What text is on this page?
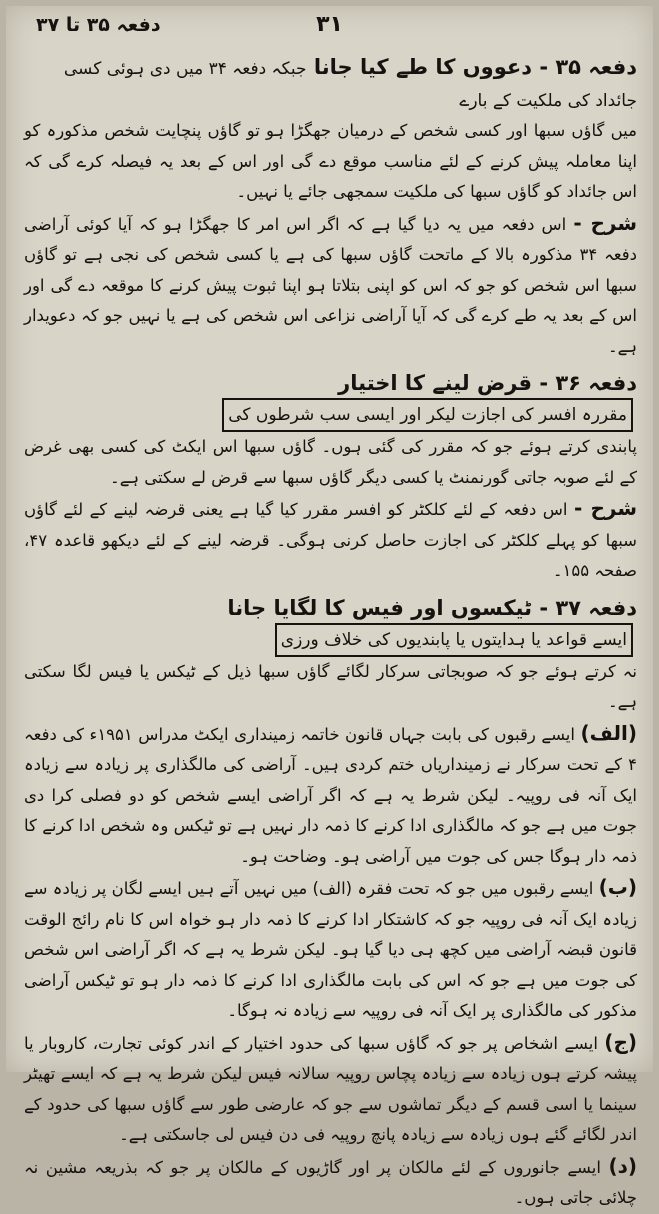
۳۱
دفعہ ۳۵ تا ۳۷
دفعہ ۳۵ - دعووں کا طے کیا جانا جبکہ دفعہ ۳۴ میں دی ہوئی کسی جائداد کی ملکیت کے بارے

میں گاؤں سبھا اور کسی شخص کے درمیان جھگڑا ہو تو گاؤں پنچایت شخص مذکورہ کو اپنا معاملہ پیش کرنے کے لئے مناسب موقع دے گی اور اس کے بعد یہ فیصلہ کرے گی کہ اس جائداد کو گاؤں سبھا کی ملکیت سمجھی جائے یا نہیں۔

شرح - اس دفعہ میں یہ دیا گیا ہے کہ اگر اس امر کا جھگڑا ہو کہ آیا کوئی آراضی دفعہ ۳۴ مذکورہ بالا کے ماتحت گاؤں سبھا کی ہے یا کسی شخص کی نجی ہے تو گاؤں سبھا اس شخص کو جو کہ اس کو اپنی بتلاتا ہو اپنا ثبوت پیش کرنے کا موقعہ دے گی اور اس کے بعد یہ طے کرے گی کہ آیا آراضی نزاعی اس شخص کی ہے یا نہیں جو کہ دعویدار ہے۔

دفعہ ۳۶ - قرض لینے کا اختیار مقررہ افسر کی اجازت لیکر اور ایسی سب شرطوں کی

پابندی کرتے ہوئے جو کہ مقرر کی گئی ہوں۔ گاؤں سبھا اس ایکٹ کی کسی بھی غرض کے لئے صوبہ جاتی گورنمنٹ یا کسی دیگر گاؤں سبھا سے قرض لے سکتی ہے۔

شرح - اس دفعہ کے لئے کلکٹر کو افسر مقرر کیا گیا ہے یعنی قرضہ لینے کے لئے گاؤں سبھا کو پہلے کلکٹر کی اجازت حاصل کرنی ہوگی۔ قرضہ لینے کے لئے دیکھو قاعدہ ۴۷، صفحہ ۱۵۵۔

دفعہ ۳۷ - ٹیکسوں اور فیس کا لگایا جانا ایسے قواعد یا ہدایتوں یا پابندیوں کی خلاف ورزی

نہ کرتے ہوئے جو کہ صوبجاتی سرکار لگائے گاؤں سبھا ذیل کے ٹیکس یا فیس لگا سکتی ہے۔

(الف) ایسے رقبوں کی بابت جہاں قانون خاتمہ زمینداری ایکٹ مدراس ۱۹۵۱ء کی دفعہ ۴ کے تحت سرکار نے زمینداریاں ختم کردی ہیں۔ آراضی کی مالگذاری پر زیادہ سے زیادہ ایک آنہ فی روپیہ۔ لیکن شرط یہ ہے کہ اگر آراضی ایسے شخص کو دو فصلی کرا دی جوت میں ہے جو کہ مالگذاری ادا کرنے کا ذمہ دار نہیں ہے تو ٹیکس وہ شخص ادا کرنے کا ذمہ دار ہوگا جس کی جوت میں آراضی ہو۔ وضاحت ہو۔

(ب) ایسے رقبوں میں جو کہ تحت فقرہ (الف) میں نہیں آتے ہیں ایسے لگان پر زیادہ سے زیادہ ایک آنہ فی روپیہ جو کہ کاشتکار ادا کرنے کا ذمہ دار ہو خواہ اس کا نام رائج الوقت قانون قبضہ آراضی میں کچھ ہی دیا گیا ہو۔ لیکن شرط یہ ہے کہ اگر آراضی اس شخص کی جوت میں ہے جو کہ اس کی بابت مالگذاری ادا کرنے کا ذمہ دار ہو تو ٹیکس آراضی مذکور کی مالگذاری پر ایک آنہ فی روپیہ سے زیادہ نہ ہوگا۔

(ج) ایسے اشخاص پر جو کہ گاؤں سبھا کی حدود اختیار کے اندر کوئی تجارت، کاروبار یا پیشہ کرتے ہوں زیادہ سے زیادہ پچاس روپیہ سالانہ فیس لیکن شرط یہ ہے کہ ایسے تھیٹر سینما یا اسی قسم کے دیگر تماشوں سے جو کہ عارضی طور سے گاؤں سبھا کی حدود کے اندر لگائے گئے ہوں زیادہ سے زیادہ پانچ روپیہ فی دن فیس لی جاسکتی ہے۔

(د) ایسے جانوروں کے لئے مالکان پر اور گاڑیوں کے مالکان پر جو کہ بذریعہ مشین نہ چلائی جاتی ہوں۔
